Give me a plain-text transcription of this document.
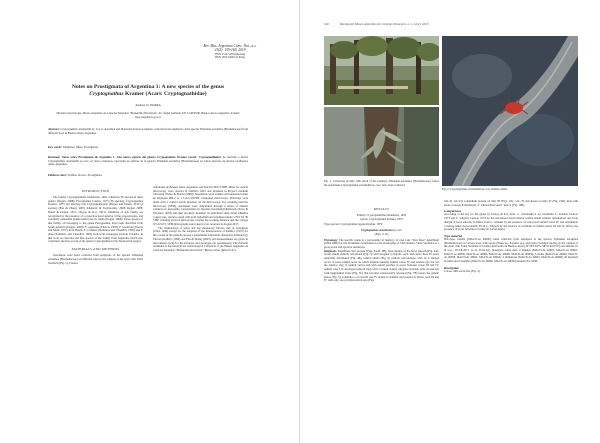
Rev. Mus. Argentino Cienc. Nat., n.s.
21(2): 159-169, 2019
ISSN 1514-5158 (impresa)
ISSN 1853-0400 (en línea)
Notes on Prostigmata of Argentina 1: A new species of the genus
Cryptognathus Kramer (Acari: Cryptognathidae)
Andrea O. PORTA
División Aracnología, Museo Argentino de Ciencias Naturales "Bernardino Rivadavia", Av. Ángel Gallardo 470 C1405DJR, Buenos Aires, Argentina. E-mail: hyporta@macn.gov.ar
Abstract: Cryptognathus ornatissimi sp. nov. is described and illustrated based on samples collected from epiphytes of the species Tillandsia aeranthos (Bromeliaceae) from different trees in Buenos Aires, Argentina.
Key words: Epiphytes, Mites, Prostigmata.
Resumen: Notas sobre Prostigmata de Argentina 1: Una nueva especie del género Cryptognathus Kramer (Acari: Cryptognathidae). Se describe e ilustra Cryptognathus ornatissimi sp. nov. en base a muestras colectadas en epífitas de la especie Tillandsia aeranthos (Bromeliaceae) en varias especies de árboles en Buenos Aires, Argentina.
Palabras clave: Epífitas, Ácaros, Prostigmata.
INTRODUCTION

The family Cryptognathidae Oudemans, 1902 comprises 60 species in three genera (Doğan, 2008): Favognathus Luxton, 1973 (36 species), Cryptognathus Kramer, 1873 (22 species) and Cryptognathopsis (Doğan and Dönel, 2010 (2 species) (Fan & Zhang, 2005; Khaustov & Uechnovsky, 2008; Doğan 2008; Dönel & Doğan, 2011; Uluçay & Koç, 2011). Members of this family are recognized by the presence of a protective hood anterior of the propodosoma, and extremely extensible gnathosomal base in adults (Doğan, 2008). Three species of this family, all belonging to the genus Favognathus, have been described from South America (Doğan, 2008): F. eggeanus (Theron, 1978), F. kochicus (Theron and Mark, 1971) from Brazil, F. ocellatus (Summers and Chaudhri, 1965) and F. pilus (Summers and Chaudhri, 1965) both from Galapagos Islands, Ecuador. In this work we describe the first species of the family from Argentina which also constitutes the first record of the genus Cryptognathus in the Neotropical region.

MATERIALS AND METHODS

Specimens were hand collected from epiphytes of the species Tillandsia aeranthos (Bromeliaceae) on different trees in the campus of the sport club Velez Sarsfield (Fig. 1), Ciudad

Autónoma de Buenos Aires, Argentina and fixed in 96% ETOH. Mites for optical microscopy were cleared in Nesbitt's fluid and mounted in Hoyer's medium following Walter & Krantz (2009). Specimens were studied and measured under an Olympus BH-2 or a Leica DZ300 compound microscope. Drawings were made with a camera lucida mounted on the microscope. For scanning electron microscopy (SEM), specimens were dehydrated through a series of ethanol solutions in increasing concentration in absolute hexamethyldisilazane (Porta & Tricanico 2018) and then air-dried, mounted on individual stubs using adhesive copper tape, sputter-coated with gold-palladium and examined under a FEI XL 30 TMP scanning electron microscope varying the working distance and the voltage (15-22 kV). SEM photographs were taken in two sessions in August 2017.

The terminology of palps and leg chaetotaxy follows that of Grandjean (1944, 1946) except for the adoption of the interpretation of Kethley (1970) for the a setae of the genu & can use a solenidium. Idiosomal chaetotaxy terminology follows Kethley (1990) and Fan & Zhang (2005). All measurements are given in micrometers (µm) for the holotype and paratypes (in parentheses). The material examined is deposited in the Aracnological Collection of the Museo Argentino de Ciencias Naturales "Bernardino Rivadavia", Buenos Aires (MACN-Ar).

160	Revista del Museo Argentino de Ciencias Naturales, n. s. 21(2), 2019
Fig. 1. Collecting locality with detail of the epiphyte Tillandsia aeranthos (Bromeliaceae) where the specimens Cryptognathus ornatissimi sp. nov. have been collected.
Fig. 2. Cryptognathus ornatissimi sp. nov. habitus adults.
RESULTS
Family: Cryptognathidae Oudemans, 1902
Genus: Cryptognathus Kramer, 1879
Type species: Cryptognathus lagena Kramer, 1879
Cryptognathus ornatissimi sp. nov.
(Figs. 2-12)

Etymology. The specific name is a patronymic in memory of José Luis "Don Pepe" Amalfitani (1894-1969) for his invaluable contribution to the developing of Club Atlético Velez Sarsfield as a great social and sportive institution.

Diagnosis: Palpitibial claw present (Figs. 8A-B, 9B), front margin of the hood smooth (Fig. 4A), dorsal shield entirely reticulated (Fig. 3) with irregular polygons, each with more than 10 pores uniformly distributed (Fig. 4B), ventral shield (Fig. 6) without reticulations, with an U shaped sector of pores behind setae 3a which extends laterally behind coxae IV and reaches ag1 but not the anterior ring of genital valves and with lateral patches of pores between coxae III and IV; behind coxa I, II and hypostomacal ring, with a central ventral calyptate between setae 4a and ag2 with longitudinal striae (Fig. 7C) that becomes transversally oriented (Fig. 7B) before the genital plates (Fig. 5); solenidia ω of tarsi III and IV absent in females and present in males; tarsi III and IV with only one proximoventral seta (Figs

10C-D, 12C-D); solenidium present on tibia III (Figs. 10C, 11C, F) and absent on tibia IV (Fig. 10D); tibia with setae on tarsus II distalmost; ti'' subisoclinal and ti'' mid or (Fig. 12B).

Comparisons

According to the key for the genus by Uluçay & Koç 2011, C. ornatissimi n. sp. resembles C. armatus Luxton, 1973 and C. vulgaris Luxton, 1973 by the reticulated dorsal shield, ventral shield without reticulations and front margin of hood smooth. It differs from C. armatus by the presence of both pores behind coxae IV and reticulation covering entire dorsal shield. From C. vulgaris by the absence of solenidia on female tarsus III and IV and by the presence of pores between covering all dorsal shield.

Type material

Holotype, female (MACN-Ar 40600), hand collected from epiphytes of the species Tillandsia aeranthos (Bromeliaceae) on various trees, both exotic (Pinus sp., Populus sp.), and native (Schinus molle), in the campus of the sport club Velez Sarsfield in Ciudad Autónoma de Buenos Aires (34°38'53.8"S, 58°31'40.8"W) and altitude 10 m a.s.l., 18.VII.2017, A. O. Porta leg. Paratypes, same data, 4 females (MACN-Ar 40601, MACN-Ar 40603, MACN-Ar 40605, MACN-Ar 40604, MACN-Ar 40608, MACN-Ar 40606), 3 males (MACN-Ar 40646, MACN-Ar 40658, MACN-Ar 40651, MACN-Ar 40663), 2 immatures (MACN-Ar 40645, MACN-Ar 40660) all mounted in slides and 2 females (MACN-Ar 40666, MACN-Ar 40669) mounted for SEM.

Description

Colour chili red in live (Fig. 2).
